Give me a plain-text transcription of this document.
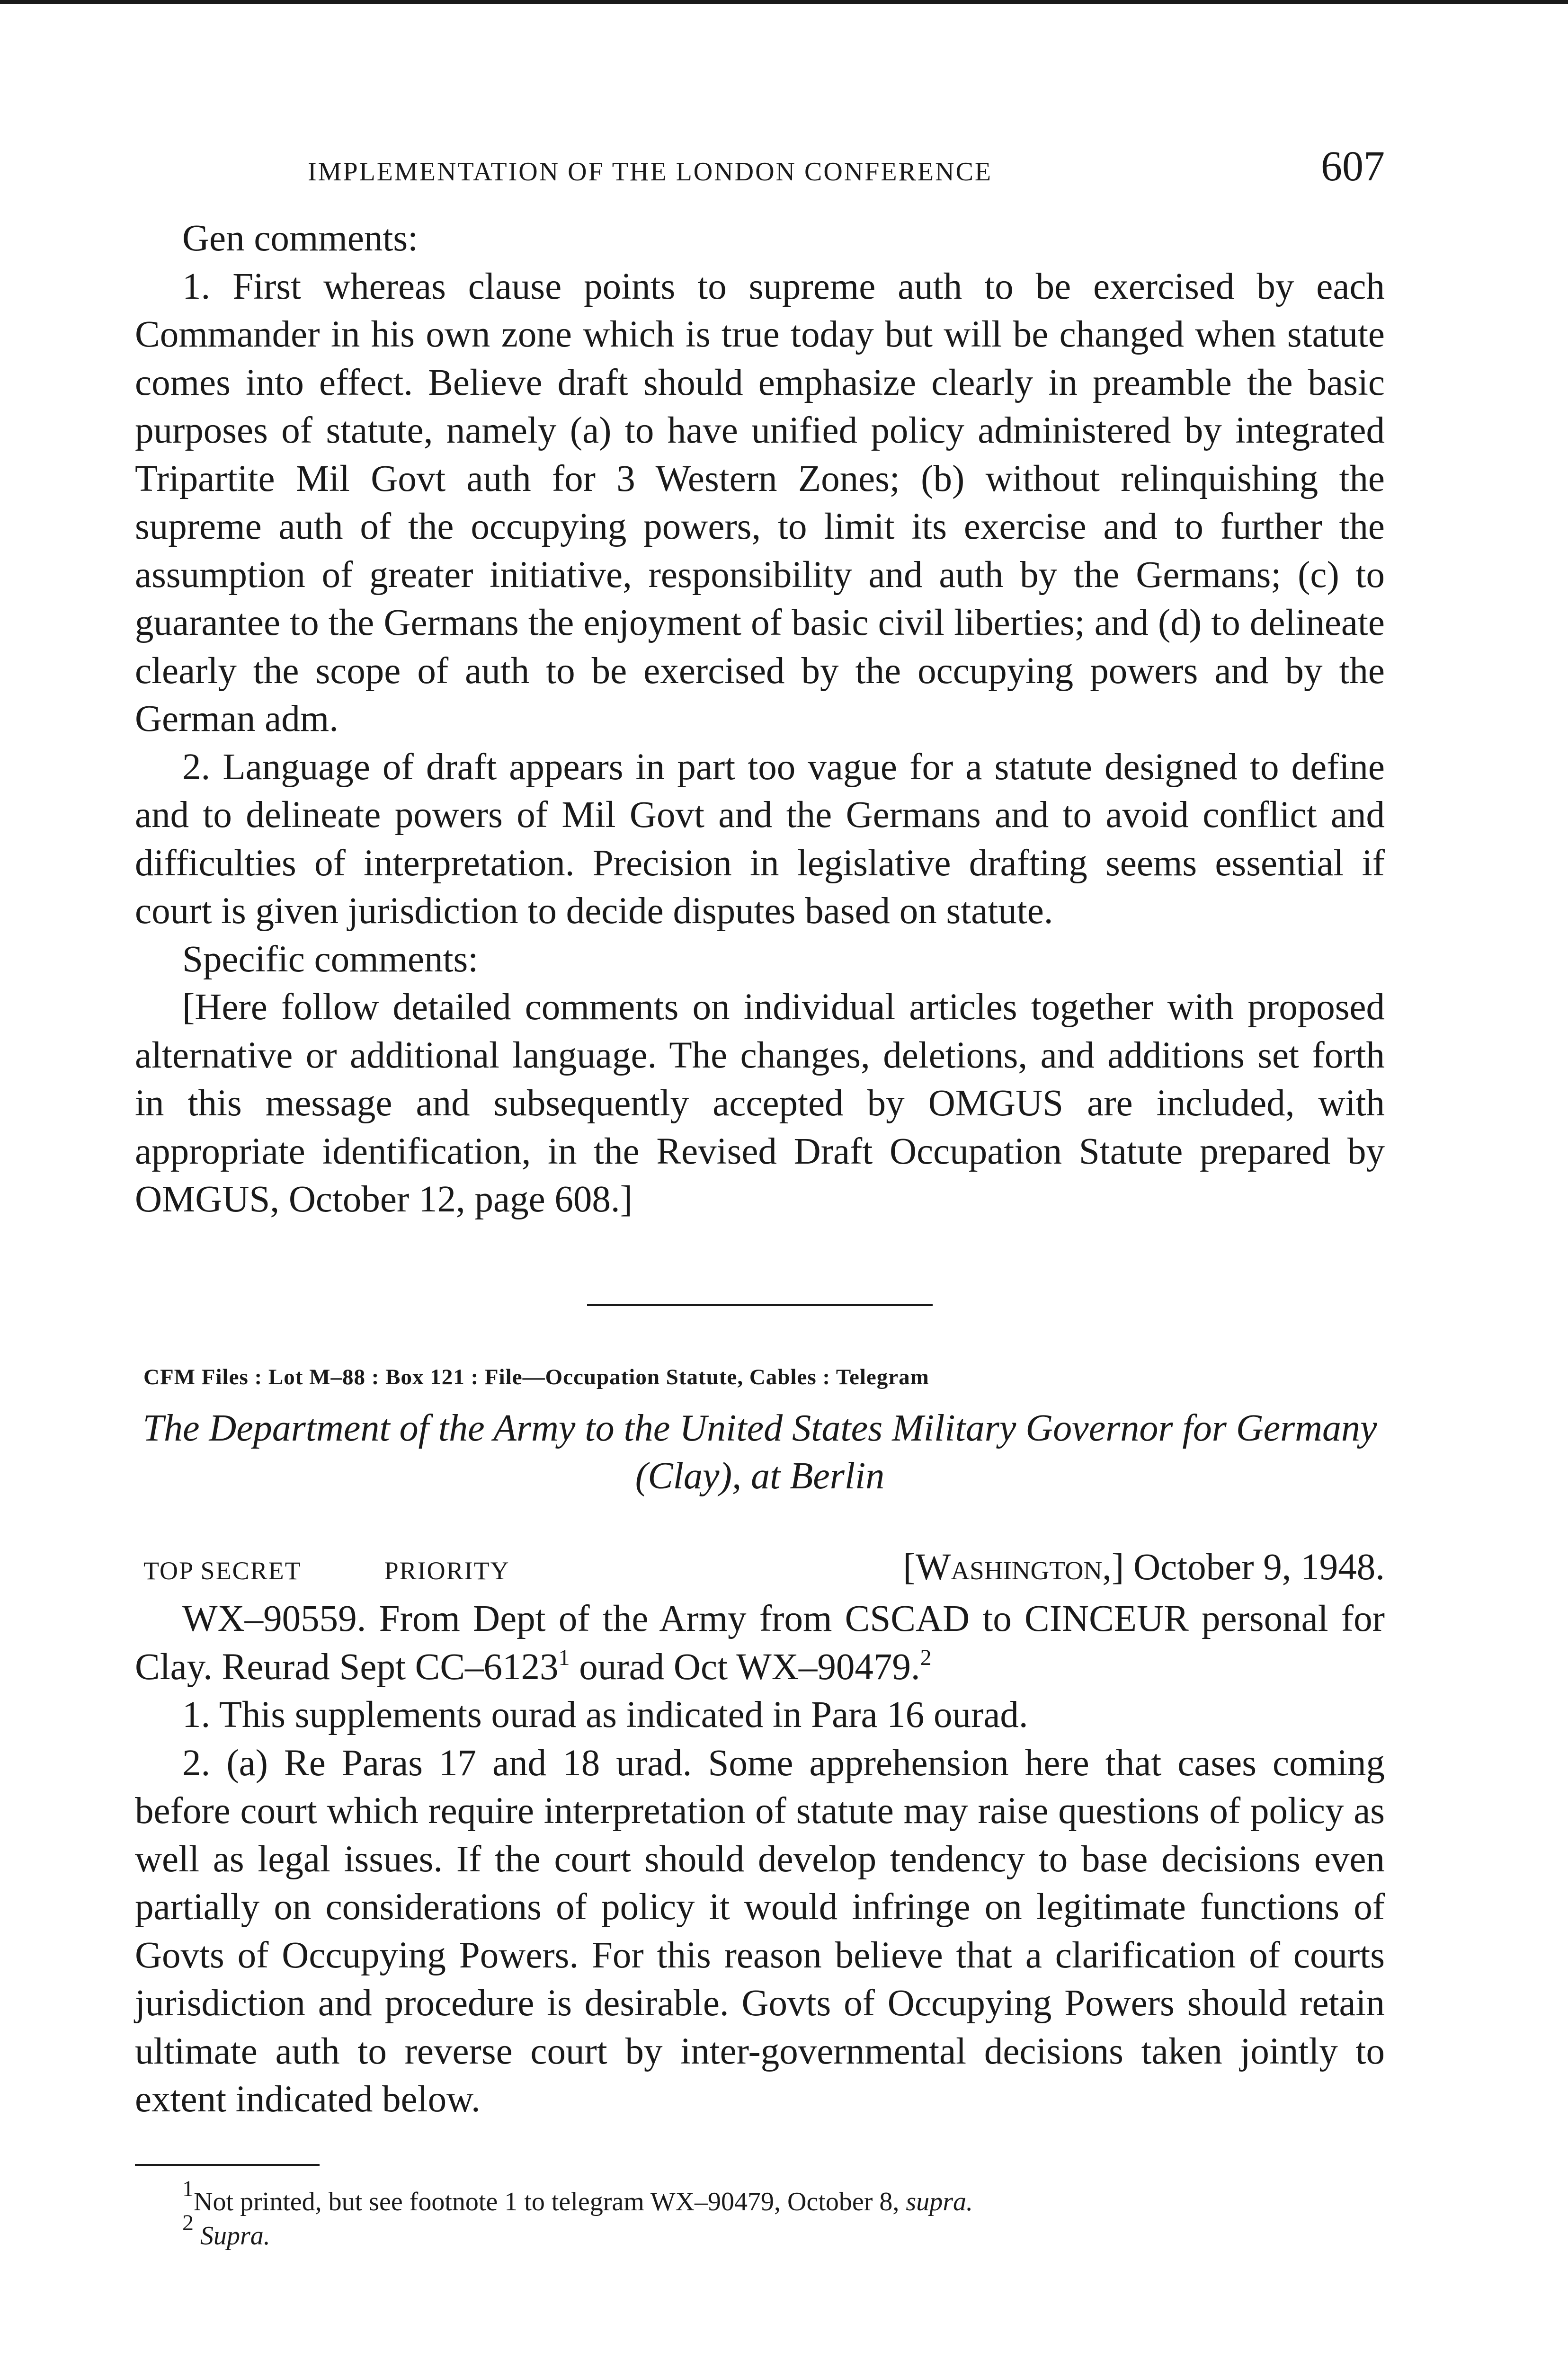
IMPLEMENTATION OF THE LONDON CONFERENCE	607

Gen comments:

1. First whereas clause points to supreme auth to be exercised by each Commander in his own zone which is true today but will be changed when statute comes into effect. Believe draft should emphasize clearly in preamble the basic purposes of statute, namely (a) to have unified policy administered by integrated Tripartite Mil Govt auth for 3 Western Zones; (b) without relinquishing the supreme auth of the occupying powers, to limit its exercise and to further the assumption of greater initiative, responsibility and auth by the Germans; (c) to guarantee to the Germans the enjoyment of basic civil liberties; and (d) to delineate clearly the scope of auth to be exercised by the occupying powers and by the German adm.

2. Language of draft appears in part too vague for a statute designed to define and to delineate powers of Mil Govt and the Germans and to avoid conflict and difficulties of interpretation. Precision in legislative drafting seems essential if court is given jurisdiction to decide disputes based on statute.

Specific comments:

[Here follow detailed comments on individual articles together with proposed alternative or additional language. The changes, deletions, and additions set forth in this message and subsequently accepted by OMGUS are included, with appropriate identification, in the Revised Draft Occupation Statute prepared by OMGUS, October 12, page 608.]

CFM Files : Lot M–88 : Box 121 : File—Occupation Statute, Cables : Telegram

The Department of the Army to the United States Military Governor for Germany (Clay), at Berlin
TOP SECRET	PRIORITY	[Washington,] October 9, 1948.

WX–90559. From Dept of the Army from CSCAD to CINCEUR personal for Clay. Reurad Sept CC–6123$^1$ ourad Oct WX–90479.$^2$

1. This supplements ourad as indicated in Para 16 ourad.

2. (a) Re Paras 17 and 18 urad. Some apprehension here that cases coming before court which require interpretation of statute may raise questions of policy as well as legal issues. If the court should develop tendency to base decisions even partially on considerations of policy it would infringe on legitimate functions of Govts of Occupying Powers. For this reason believe that a clarification of courts jurisdiction and procedure is desirable. Govts of Occupying Powers should retain ultimate auth to reverse court by inter-governmental decisions taken jointly to extent indicated below.

$^1$Not printed, but see footnote 1 to telegram WX–90479, October 8, supra.
$^2$ Supra.
